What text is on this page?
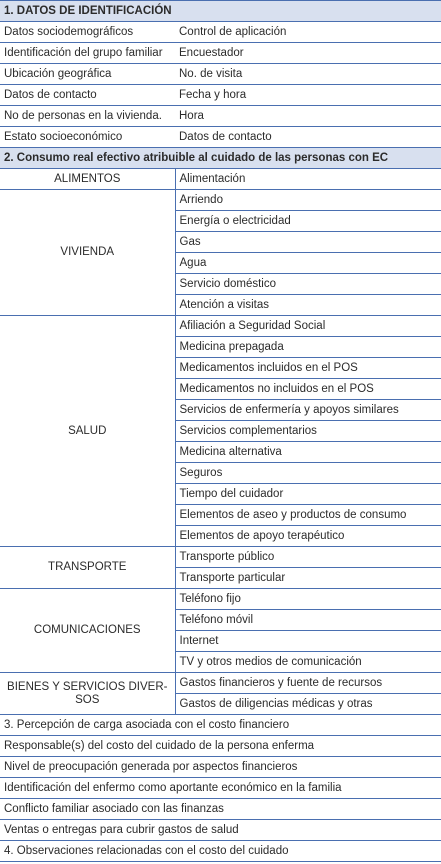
1. DATOS DE IDENTIFICACIÓN	
Datos sociodemográficos	Control de aplicación
Identificación del grupo familiar	Encuestador
Ubicación geográfica	No. de visita
Datos de contacto	Fecha y hora
No de personas en la vivienda.	Hora
Estato socioeconómico	Datos de contacto
2. Consumo real efectivo atribuible al cuidado de las personas con EC	
ALIMENTOS	Alimentación
VIVIENDA	Arriendo
	Energía o electricidad
	Gas
	Agua
	Servicio doméstico
	Atención a visitas
SALUD	Afiliación a Seguridad Social
	Medicina prepagada
	Medicamentos incluidos en el POS
	Medicamentos no incluidos en el POS
	Servicios de enfermería y apoyos similares
	Servicios complementarios
	Medicina alternativa
	Seguros
	Tiempo del cuidador
	Elementos de aseo y productos de consumo
	Elementos de apoyo terapéutico
TRANSPORTE	Transporte público
	Transporte particular
COMUNICACIONES	Teléfono fijo
	Teléfono móvil
	Internet
	TV y otros medios de comunicación
BIENES Y SERVICIOS DIVER-SOS	Gastos financieros y fuente de recursos
	Gastos de diligencias médicas y otras
3. Percepción de carga asociada con el costo financiero	
Responsable(s) del costo del cuidado de la persona enferma	
Nivel de preocupación generada por aspectos financieros	
Identificación del enfermo como aportante económico en la familia	
Conflicto familiar asociado con las finanzas	
Ventas o entregas para cubrir gastos de salud	
4. Observaciones relacionadas con el costo del cuidado	
